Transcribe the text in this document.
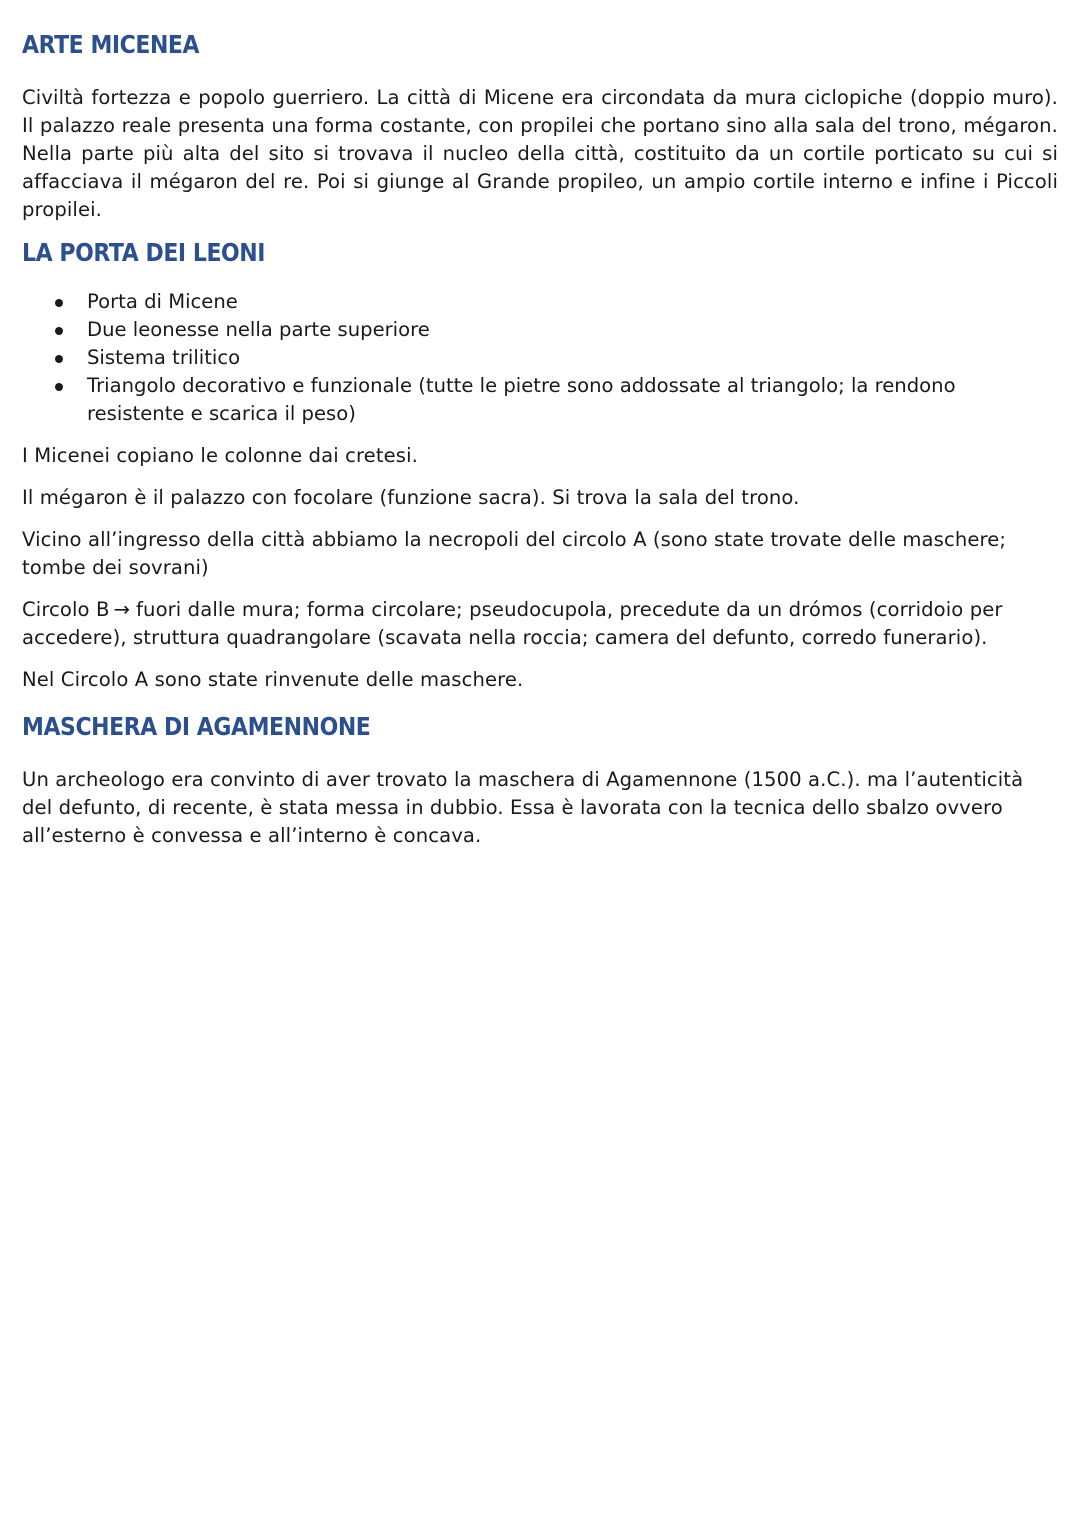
ARTE MICENEA

Civiltà fortezza e popolo guerriero. La città di Micene era circondata da mura ciclopiche (doppio muro). Il palazzo reale presenta una forma costante, con propilei che portano sino alla sala del trono, mégaron. Nella parte più alta del sito si trovava il nucleo della città, costituito da un cortile porticato su cui si affacciava il mégaron del re. Poi si giunge al Grande propileo, un ampio cortile interno e infine i Piccoli propilei.

LA PORTA DEI LEONI
Porta di Micene
Due leonesse nella parte superiore
Sistema trilitico
Triangolo decorativo e funzionale (tutte le pietre sono addossate al triangolo; la rendono resistente e scarica il peso)

I Micenei copiano le colonne dai cretesi.

Il mégaron è il palazzo con focolare (funzione sacra). Si trova la sala del trono.

Vicino all’ingresso della città abbiamo la necropoli del circolo A (sono state trovate delle maschere; tombe dei sovrani)

Circolo B → fuori dalle mura; forma circolare; pseudocupola, precedute da un drómos (corridoio per accedere), struttura quadrangolare (scavata nella roccia; camera del defunto, corredo funerario).

Nel Circolo A sono state rinvenute delle maschere.

MASCHERA DI AGAMENNONE

Un archeologo era convinto di aver trovato la maschera di Agamennone (1500 a.C.). ma l’autenticità del defunto, di recente, è stata messa in dubbio. Essa è lavorata con la tecnica dello sbalzo ovvero all’esterno è convessa e all’interno è concava.
